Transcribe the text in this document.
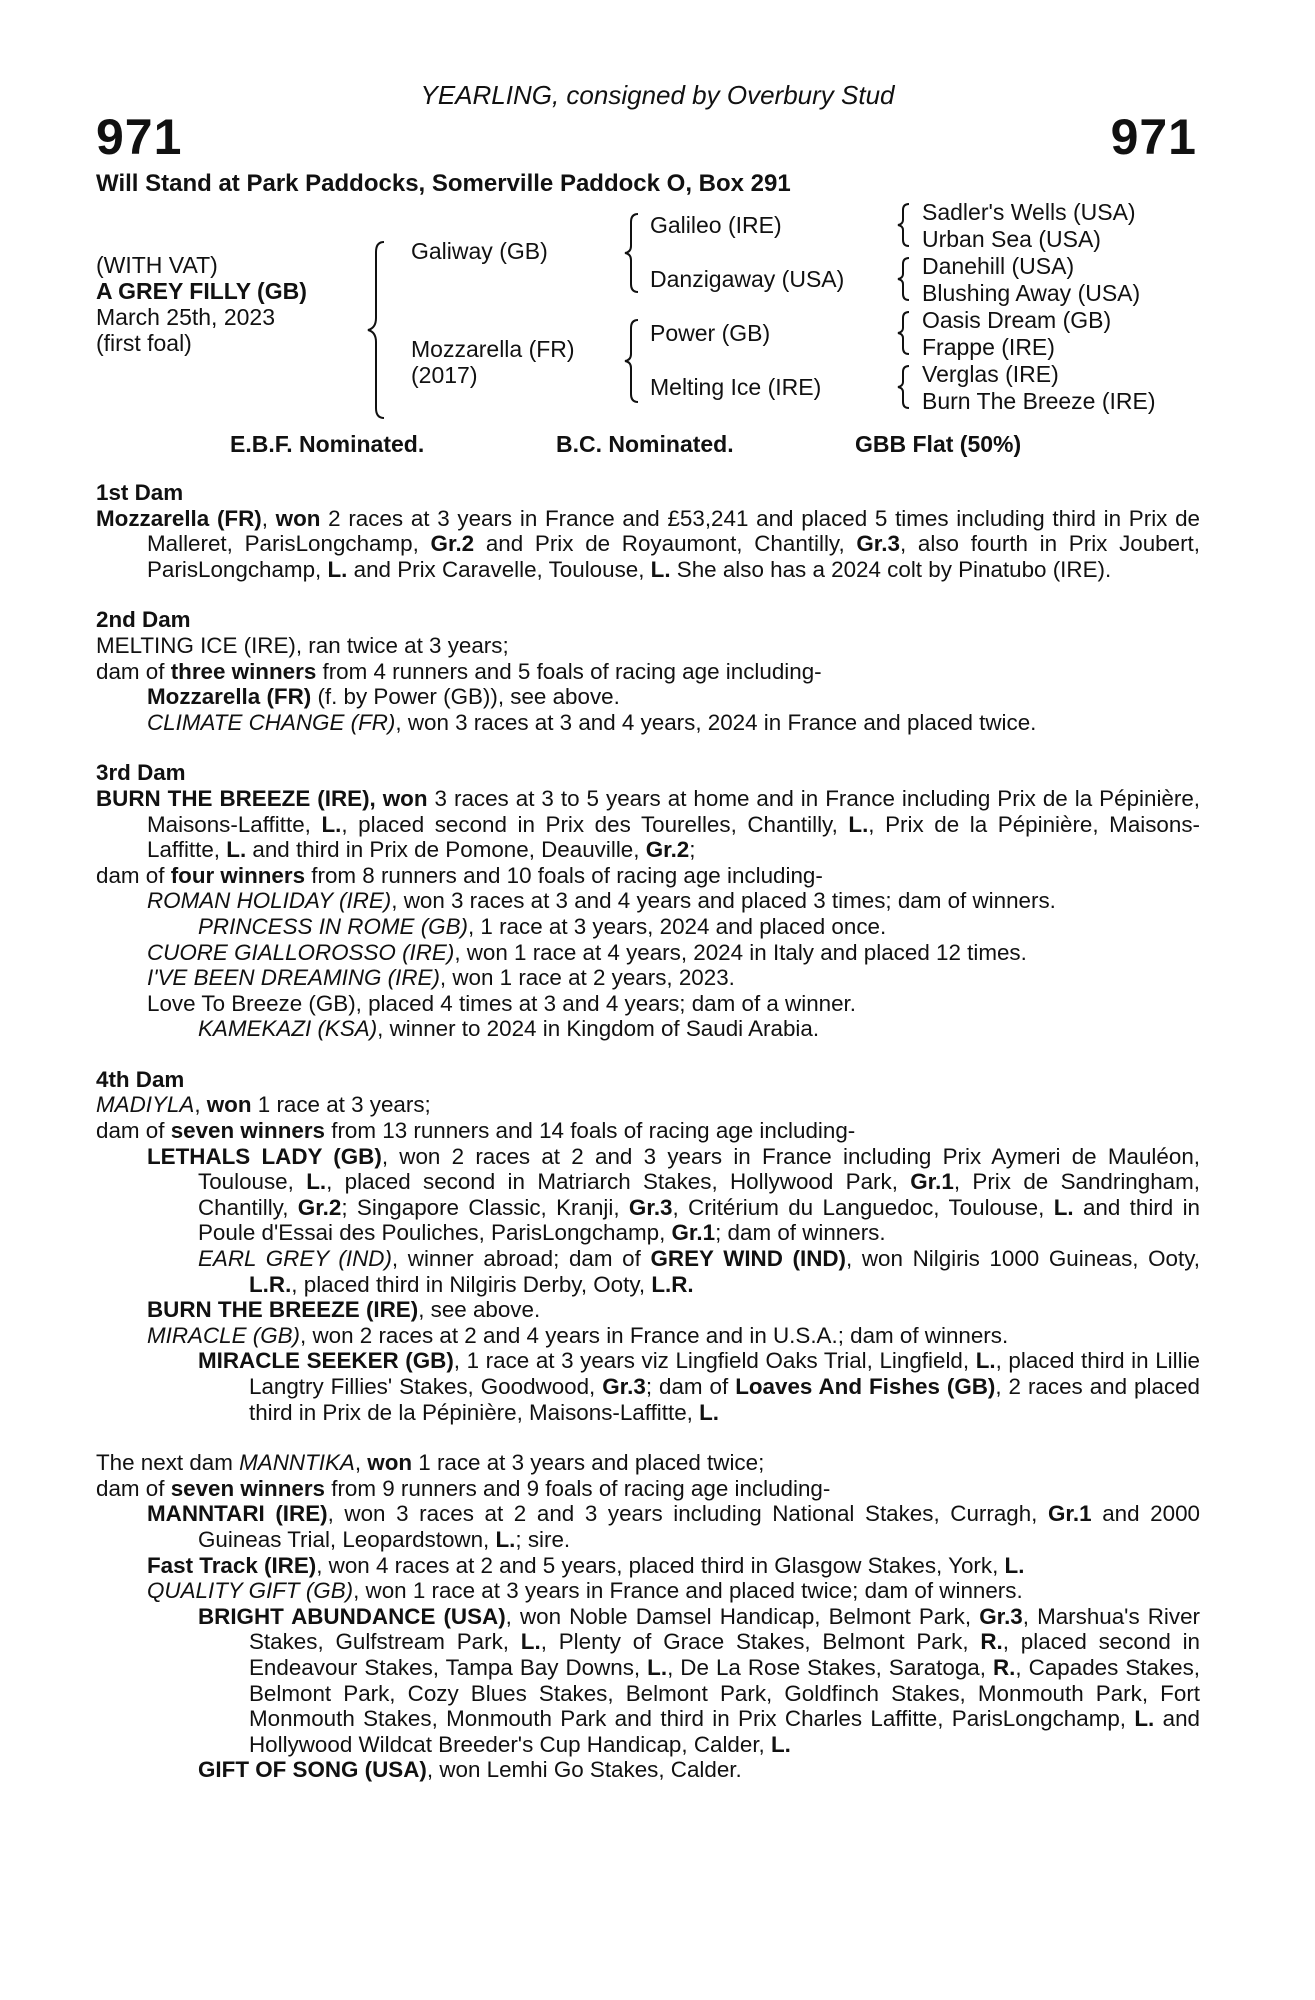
YEARLING, consigned by Overbury Stud
971	971
Will Stand at Park Paddocks, Somerville Paddock O, Box 291
(WITH VAT)
A GREY FILLY (GB)
March 25th, 2023
(first foal)
Galiway (GB)
Mozzarella (FR)
(2017)
Galileo (IRE)
Danzigaway (USA)
Power (GB)
Melting Ice (IRE)
Sadler's Wells (USA)
Urban Sea (USA)
Danehill (USA)
Blushing Away (USA)
Oasis Dream (GB)
Frappe (IRE)
Verglas (IRE)
Burn The Breeze (IRE)
E.B.F. Nominated.	B.C. Nominated.	GBB Flat (50%)
1st Dam
Mozzarella (FR), won 2 races at 3 years in France and £53,241 and placed 5 times including third in Prix de Malleret, ParisLongchamp, Gr.2 and Prix de Royaumont, Chantilly, Gr.3, also fourth in Prix Joubert, ParisLongchamp, L. and Prix Caravelle, Toulouse, L. She also has a 2024 colt by Pinatubo (IRE).
2nd Dam
MELTING ICE (IRE), ran twice at 3 years;
dam of three winners from 4 runners and 5 foals of racing age including-
Mozzarella (FR) (f. by Power (GB)), see above.
CLIMATE CHANGE (FR), won 3 races at 3 and 4 years, 2024 in France and placed twice.
3rd Dam
BURN THE BREEZE (IRE), won 3 races at 3 to 5 years at home and in France including Prix de la Pépinière, Maisons-Laffitte, L., placed second in Prix des Tourelles, Chantilly, L., Prix de la Pépinière, Maisons-Laffitte, L. and third in Prix de Pomone, Deauville, Gr.2;
dam of four winners from 8 runners and 10 foals of racing age including-
ROMAN HOLIDAY (IRE), won 3 races at 3 and 4 years and placed 3 times; dam of winners.
PRINCESS IN ROME (GB), 1 race at 3 years, 2024 and placed once.
CUORE GIALLOROSSO (IRE), won 1 race at 4 years, 2024 in Italy and placed 12 times.
I'VE BEEN DREAMING (IRE), won 1 race at 2 years, 2023.
Love To Breeze (GB), placed 4 times at 3 and 4 years; dam of a winner.
KAMEKAZI (KSA), winner to 2024 in Kingdom of Saudi Arabia.
4th Dam
MADIYLA, won 1 race at 3 years;
dam of seven winners from 13 runners and 14 foals of racing age including-
LETHALS LADY (GB), won 2 races at 2 and 3 years in France including Prix Aymeri de Mauléon, Toulouse, L., placed second in Matriarch Stakes, Hollywood Park, Gr.1, Prix de Sandringham, Chantilly, Gr.2; Singapore Classic, Kranji, Gr.3, Critérium du Languedoc, Toulouse, L. and third in Poule d'Essai des Pouliches, ParisLongchamp, Gr.1; dam of winners.
EARL GREY (IND), winner abroad; dam of GREY WIND (IND), won Nilgiris 1000 Guineas, Ooty, L.R., placed third in Nilgiris Derby, Ooty, L.R.
BURN THE BREEZE (IRE), see above.
MIRACLE (GB), won 2 races at 2 and 4 years in France and in U.S.A.; dam of winners.
MIRACLE SEEKER (GB), 1 race at 3 years viz Lingfield Oaks Trial, Lingfield, L., placed third in Lillie Langtry Fillies' Stakes, Goodwood, Gr.3; dam of Loaves And Fishes (GB), 2 races and placed third in Prix de la Pépinière, Maisons-Laffitte, L.
The next dam MANNTIKA, won 1 race at 3 years and placed twice;
dam of seven winners from 9 runners and 9 foals of racing age including-
MANNTARI (IRE), won 3 races at 2 and 3 years including National Stakes, Curragh, Gr.1 and 2000 Guineas Trial, Leopardstown, L.; sire.
Fast Track (IRE), won 4 races at 2 and 5 years, placed third in Glasgow Stakes, York, L.
QUALITY GIFT (GB), won 1 race at 3 years in France and placed twice; dam of winners.
BRIGHT ABUNDANCE (USA), won Noble Damsel Handicap, Belmont Park, Gr.3, Marshua's River Stakes, Gulfstream Park, L., Plenty of Grace Stakes, Belmont Park, R., placed second in Endeavour Stakes, Tampa Bay Downs, L., De La Rose Stakes, Saratoga, R., Capades Stakes, Belmont Park, Cozy Blues Stakes, Belmont Park, Goldfinch Stakes, Monmouth Park, Fort Monmouth Stakes, Monmouth Park and third in Prix Charles Laffitte, ParisLongchamp, L. and Hollywood Wildcat Breeder's Cup Handicap, Calder, L.
GIFT OF SONG (USA), won Lemhi Go Stakes, Calder.
